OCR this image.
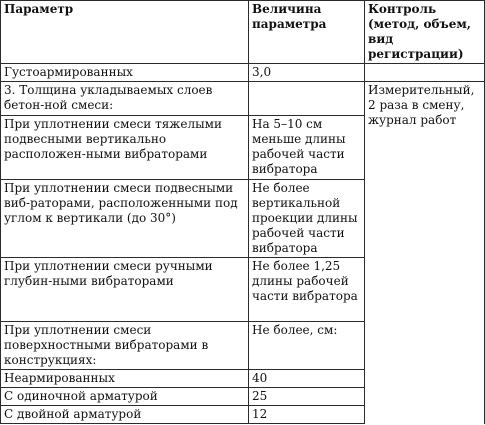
Параметр	Величина параметра	Контроль (метод, объем, вид регистрации)
Густоармированных	3,0	
3. Толщина укладываемых слоев бетон-ной смеси:		Измерительный, 2 раза в смену, журнал работ
При уплотнении смеси тяжелыми подвесными вертикально расположен-ными вибраторами	На 5–10 см меньше длины рабочей части вибратора	
При уплотнении смеси подвесными виб-раторами, расположенными под углом к вертикали (до 30°)	Не более вертикальной проекции длины рабочей части вибратора	
При уплотнении смеси ручными глубин-ными вибраторами	Не более 1,25 длины рабочей части вибратора	
При уплотнении смеси поверхностными вибраторами в конструкциях:	Не более, см:	
Неармированных	40	
С одиночной арматурой	25	
С двойной арматурой	12	
